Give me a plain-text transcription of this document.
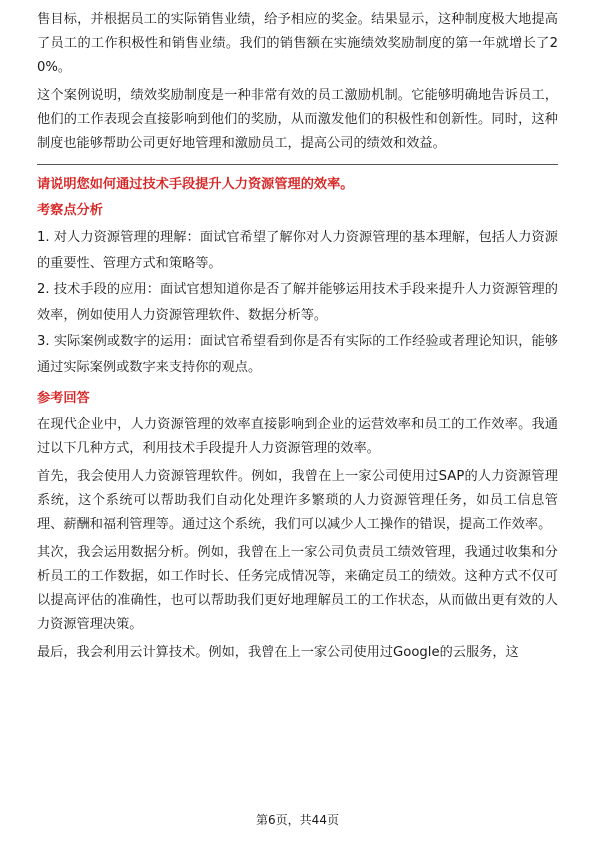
售目标，并根据员工的实际销售业绩，给予相应的奖金。结果显示，这种制度极大地提高了员工的工作积极性和销售业绩。我们的销售额在实施绩效奖励制度的第一年就增长了20%。

这个案例说明，绩效奖励制度是一种非常有效的员工激励机制。它能够明确地告诉员工，他们的工作表现会直接影响到他们的奖励，从而激发他们的积极性和创新性。同时，这种制度也能够帮助公司更好地管理和激励员工，提高公司的绩效和效益。

请说明您如何通过技术手段提升人力资源管理的效率。
考察点分析
1. 对人力资源管理的理解：面试官希望了解你对人力资源管理的基本理解，包括人力资源的重要性、管理方式和策略等。
2. 技术手段的应用：面试官想知道你是否了解并能够运用技术手段来提升人力资源管理的效率，例如使用人力资源管理软件、数据分析等。
3. 实际案例或数字的运用：面试官希望看到你是否有实际的工作经验或者理论知识，能够通过实际案例或数字来支持你的观点。
参考回答

在现代企业中，人力资源管理的效率直接影响到企业的运营效率和员工的工作效率。我通过以下几种方式，利用技术手段提升人力资源管理的效率。

首先，我会使用人力资源管理软件。例如，我曾在上一家公司使用过SAP的人力资源管理系统，这个系统可以帮助我们自动化处理许多繁琐的人力资源管理任务，如员工信息管理、薪酬和福利管理等。通过这个系统，我们可以减少人工操作的错误，提高工作效率。

其次，我会运用数据分析。例如，我曾在上一家公司负责员工绩效管理，我通过收集和分析员工的工作数据，如工作时长、任务完成情况等，来确定员工的绩效。这种方式不仅可以提高评估的准确性，也可以帮助我们更好地理解员工的工作状态，从而做出更有效的人力资源管理决策。

最后，我会利用云计算技术。例如，我曾在上一家公司使用过Google的云服务，这

第6页，共44页
